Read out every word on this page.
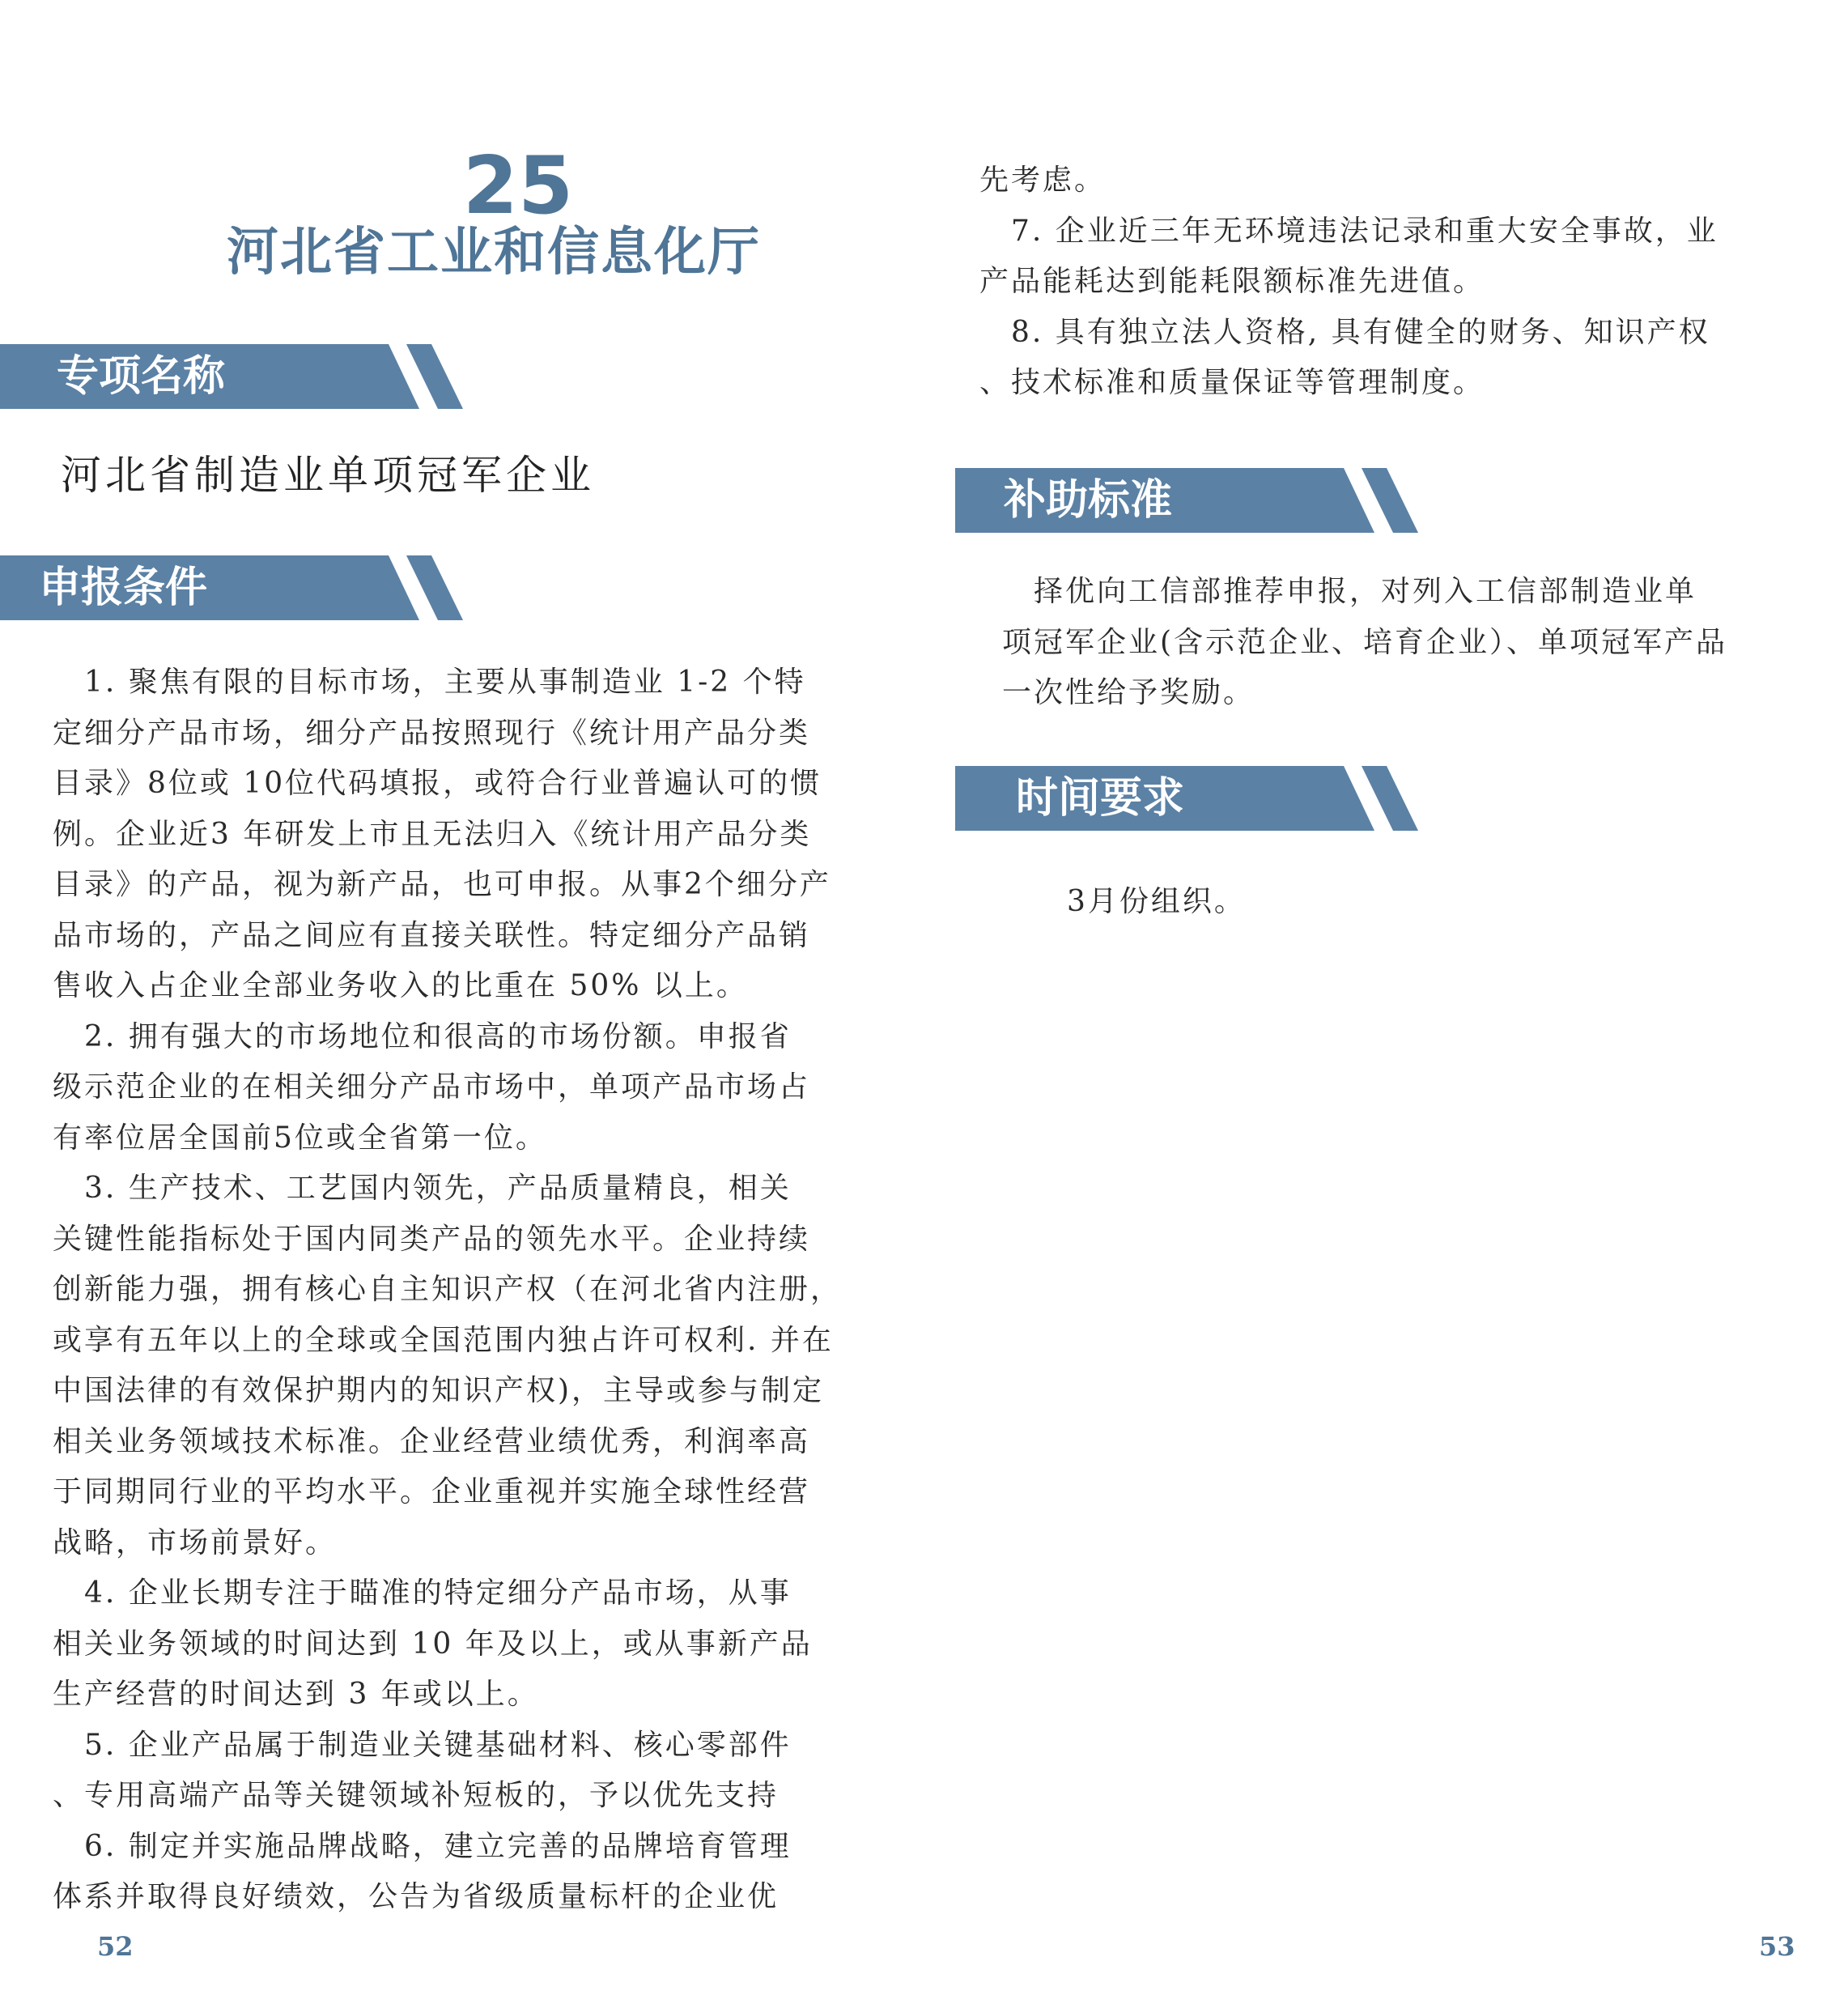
25
河北省工业和信息化厅
专项名称
河北省制造业单项冠军企业
申报条件

　1. 聚焦有限的目标市场，主要从事制造业 1-2 个特

定细分产品市场，细分产品按照现行《统计用产品分类

目录》8位或 10位代码填报，或符合行业普遍认可的惯

例。企业近3 年研发上市且无法归入《统计用产品分类

目录》的产品，视为新产品，也可申报。从事2个细分产

品市场的，产品之间应有直接关联性。特定细分产品销

售收入占企业全部业务收入的比重在 50% 以上。

　2. 拥有强大的市场地位和很高的市场份额。申报省

级示范企业的在相关细分产品市场中，单项产品市场占

有率位居全国前5位或全省第一位。

　3. 生产技术、工艺国内领先，产品质量精良，相关

关键性能指标处于国内同类产品的领先水平。企业持续

创新能力强，拥有核心自主知识产权（在河北省内注册，

或享有五年以上的全球或全国范围内独占许可权利. 并在

中国法律的有效保护期内的知识产权)，主导或参与制定

相关业务领域技术标准。企业经营业绩优秀，利润率高

于同期同行业的平均水平。企业重视并实施全球性经营

战略，市场前景好。

　4. 企业长期专注于瞄准的特定细分产品市场，从事

相关业务领域的时间达到 10 年及以上，或从事新产品

生产经营的时间达到 3 年或以上。

　5. 企业产品属于制造业关键基础材料、核心零部件

、专用高端产品等关键领域补短板的，予以优先支持

　6. 制定并实施品牌战略，建立完善的品牌培育管理

体系并取得良好绩效，公告为省级质量标杆的企业优

先考虑。

　7. 企业近三年无环境违法记录和重大安全事故，业

产品能耗达到能耗限额标准先进值。

　8. 具有独立法人资格, 具有健全的财务、知识产权

、技术标准和质量保证等管理制度。

补助标准

　择优向工信部推荐申报，对列入工信部制造业单

项冠军企业(含示范企业、培育企业）、单项冠军产品

一次性给予奖励。

时间要求
3月份组织。
52	53
